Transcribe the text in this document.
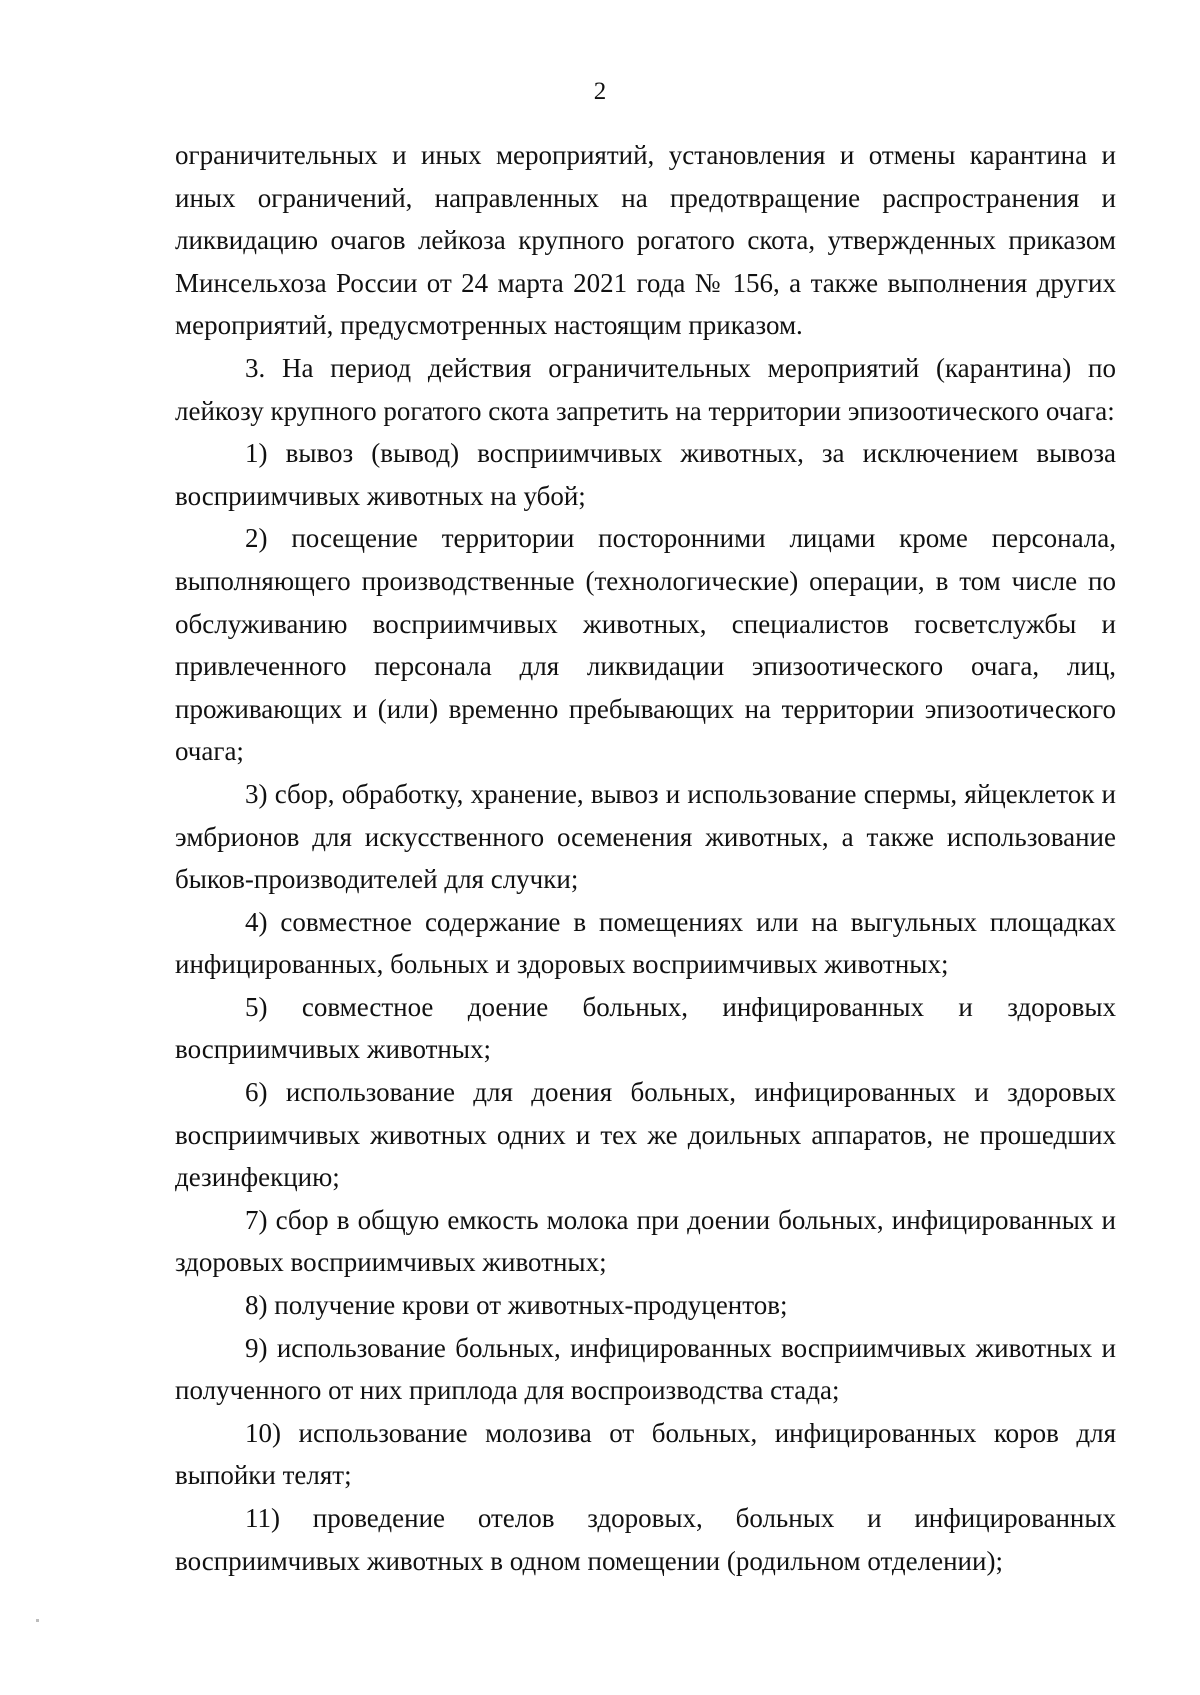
2

ограничительных и иных мероприятий, установления и отмены карантина и иных ограничений, направленных на предотвращение распространения и ликвидацию очагов лейкоза крупного рогатого скота, утвержденных приказом Минсельхоза России от 24 марта 2021 года № 156, а также выполнения других мероприятий, предусмотренных настоящим приказом.

3. На период действия ограничительных мероприятий (карантина) по лейкозу крупного рогатого скота запретить на территории эпизоотического очага:

1) вывоз (вывод) восприимчивых животных, за исключением вывоза восприимчивых животных на убой;

2) посещение территории посторонними лицами кроме персонала, выполняющего производственные (технологические) операции, в том числе по обслуживанию восприимчивых животных, специалистов госветслужбы и привлеченного персонала для ликвидации эпизоотического очага, лиц, проживающих и (или) временно пребывающих на территории эпизоотического очага;

3) сбор, обработку, хранение, вывоз и использование спермы, яйцеклеток и эмбрионов для искусственного осеменения животных, а также использование быков-производителей для случки;

4) совместное содержание в помещениях или на выгульных площадках инфицированных, больных и здоровых восприимчивых животных;

5) совместное доение больных, инфицированных и здоровых восприимчивых животных;

6) использование для доения больных, инфицированных и здоровых восприимчивых животных одних и тех же доильных аппаратов, не прошедших дезинфекцию;

7) сбор в общую емкость молока при доении больных, инфицированных и здоровых восприимчивых животных;

8) получение крови от животных-продуцентов;

9) использование больных, инфицированных восприимчивых животных и полученного от них приплода для воспроизводства стада;

10) использование молозива от больных, инфицированных коров для выпойки телят;

11) проведение отелов здоровых, больных и инфицированных восприимчивых животных в одном помещении (родильном отделении);
